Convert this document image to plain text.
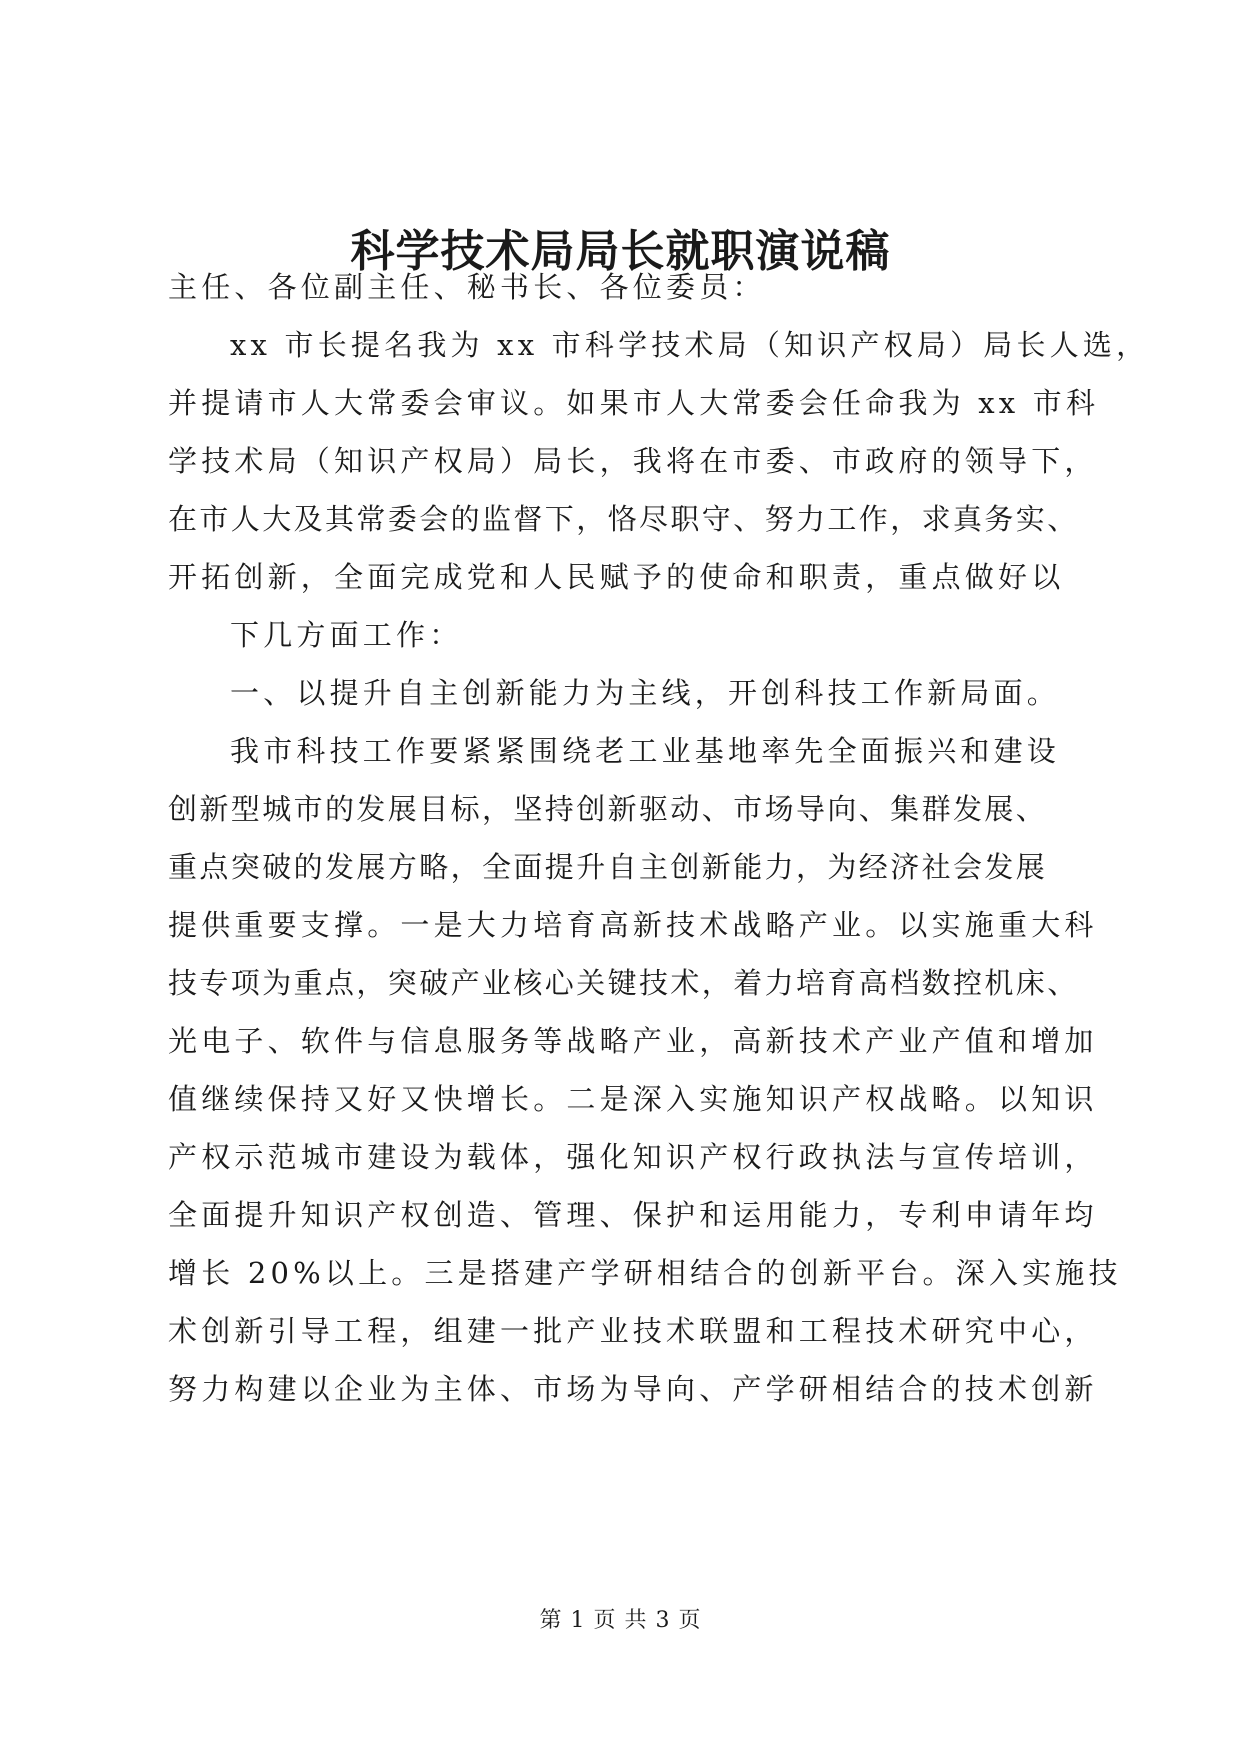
科学技术局局长就职演说稿

主任、各位副主任、秘书长、各位委员：

xx 市长提名我为 xx 市科学技术局（知识产权局）局长人选，

并提请市人大常委会审议。如果市人大常委会任命我为 xx 市科

学技术局（知识产权局）局长，我将在市委、市政府的领导下，

在市人大及其常委会的监督下，恪尽职守、努力工作，求真务实、

开拓创新，全面完成党和人民赋予的使命和职责，重点做好以

下几方面工作：

一、以提升自主创新能力为主线，开创科技工作新局面。

我市科技工作要紧紧围绕老工业基地率先全面振兴和建设

创新型城市的发展目标，坚持创新驱动、市场导向、集群发展、

重点突破的发展方略，全面提升自主创新能力，为经济社会发展

提供重要支撑。一是大力培育高新技术战略产业。以实施重大科

技专项为重点，突破产业核心关键技术，着力培育高档数控机床、

光电子、软件与信息服务等战略产业，高新技术产业产值和增加

值继续保持又好又快增长。二是深入实施知识产权战略。以知识

产权示范城市建设为载体，强化知识产权行政执法与宣传培训，

全面提升知识产权创造、管理、保护和运用能力，专利申请年均

增长 20%以上。三是搭建产学研相结合的创新平台。深入实施技

术创新引导工程，组建一批产业技术联盟和工程技术研究中心，

努力构建以企业为主体、市场为导向、产学研相结合的技术创新

第 1 页 共 3 页
